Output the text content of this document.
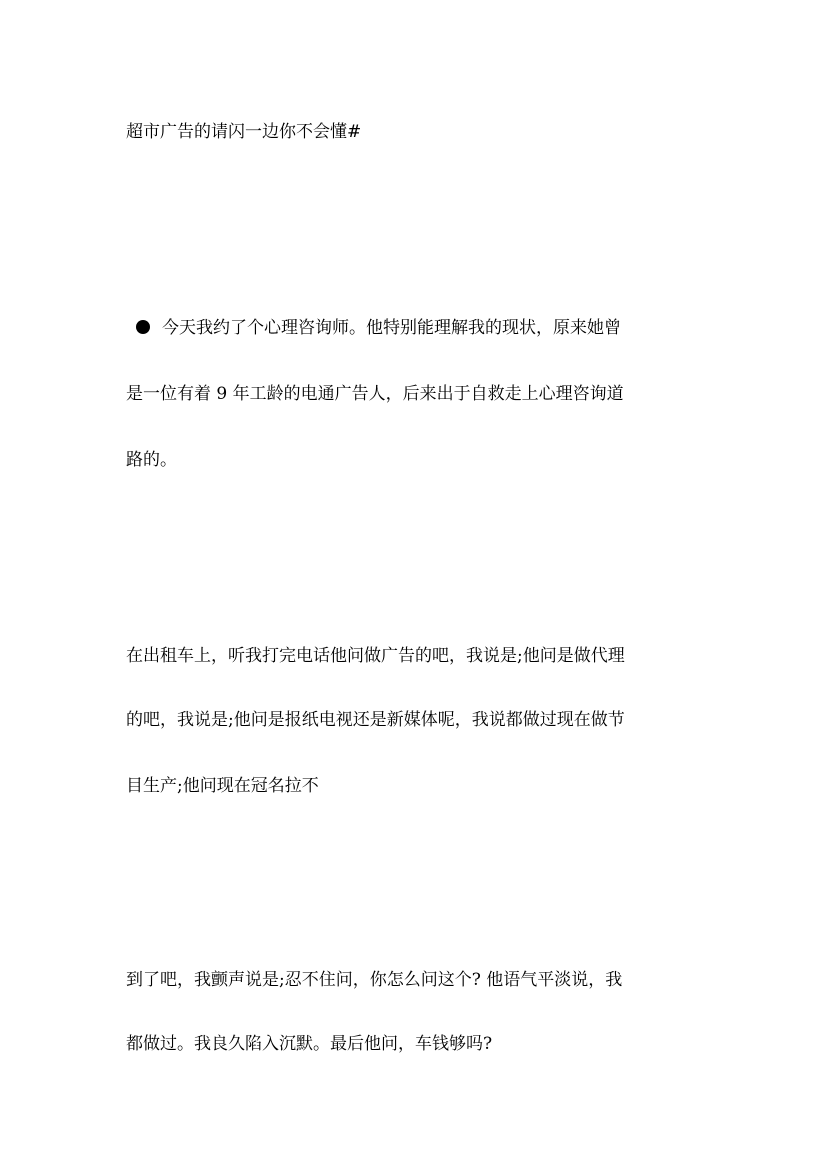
超市广告的请闪一边你不会懂#
今天我约了个心理咨询师。他特别能理解我的现状，原来她曾
是一位有着 9 年工龄的电通广告人，后来出于自救走上心理咨询道
路的。
在出租车上，听我打完电话他问做广告的吧，我说是;他问是做代理
的吧，我说是;他问是报纸电视还是新媒体呢，我说都做过现在做节
目生产;他问现在冠名拉不
到了吧，我颤声说是;忍不住问，你怎么问这个? 他语气平淡说，我
都做过。我良久陷入沉默。最后他问，车钱够吗?
